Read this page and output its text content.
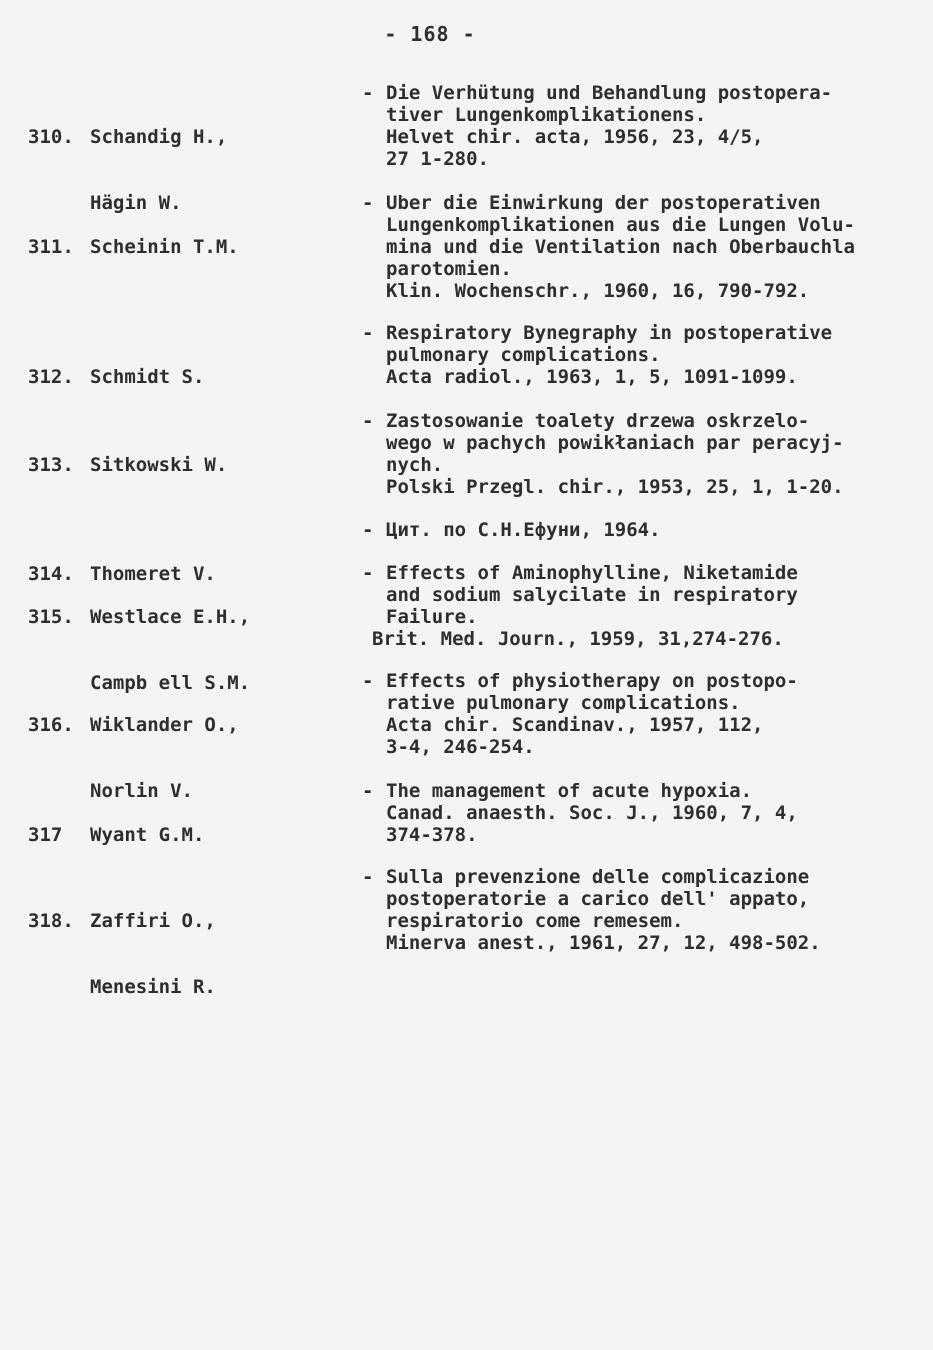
- 168 -

310. Schandig H.,

Hägin W.

- Die Verhütung und Behandlung postopera-
tiver Lungenkomplikationens.
Helvet chir. acta, 1956, 23, 4/5,
27 1-280.

311. Scheinin T.M.

- Uber die Einwirkung der postoperativen
Lungenkomplikationen aus die Lungen Volu-
mina und die Ventilation nach Oberbauchla
parotomien.
Klin. Wochenschr., 1960, 16, 790-792.

312. Schmidt S.

- Respiratory Bynegraphy in postoperative
pulmonary complications.
Acta radiol., 1963, 1, 5, 1091-1099.

313. Sitkowski W.

- Zastosowanie toalety drzewa oskrzelo-
wego w pachych powikłaniach par peracyj-
nych.
Polski Przegl. chir., 1953, 25, 1, 1-20.

314. Thomeret V.

- Цит. по С.Н.Ефуни, 1964.

315. Westlace E.H.,

Campb ell S.M.

- Effects of Aminophylline, Niketamide
and sodium salycilate in respiratory
Failure.
Brit. Med. Journ., 1959, 31,274-276.

316. Wiklander O.,

Norlin V.

- Effects of physiotherapy on postopo-
rative pulmonary complications.
Acta chir. Scandinav., 1957, 112,
3-4, 246-254.

317 Wyant G.M.

- The management of acute hypoxia.
Canad. anaesth. Soc. J., 1960, 7, 4,
374-378.

318. Zaffiri O.,

Menesini R.

- Sulla prevenzione delle complicazione
postoperatorie a carico dell' appato,
respiratorio come remesem.
Minerva anest., 1961, 27, 12, 498-502.
